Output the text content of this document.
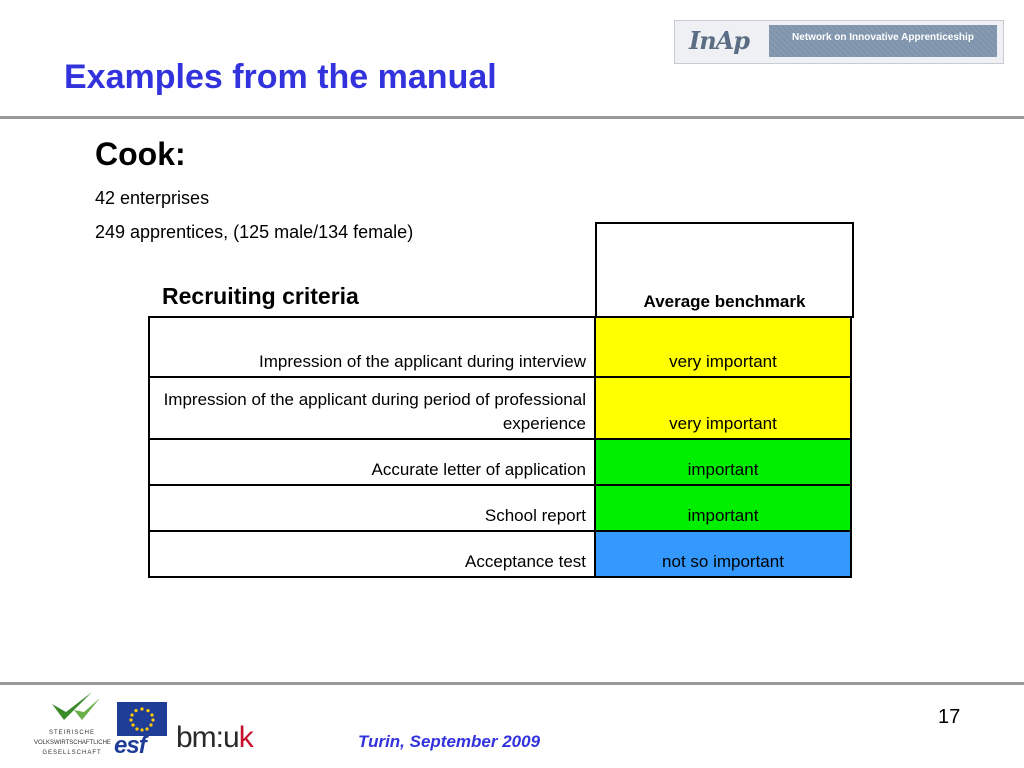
Examples from the manual
InAp	Network on Innovative Apprenticeship
Cook:
42 enterprises
249 apprentices, (125 male/134 female)
Recruiting criteria	Average benchmark
Impression of the applicant during interview	very important
Impression of the applicant during period of professional experience	very important
Accurate letter of application	important
School report	important
Acceptance test	not so important
STEIRISCHE
VOLKSWIRTSCHAFTLICHE
GESELLSCHAFT esf bm:uk	Turin, September 2009
17
